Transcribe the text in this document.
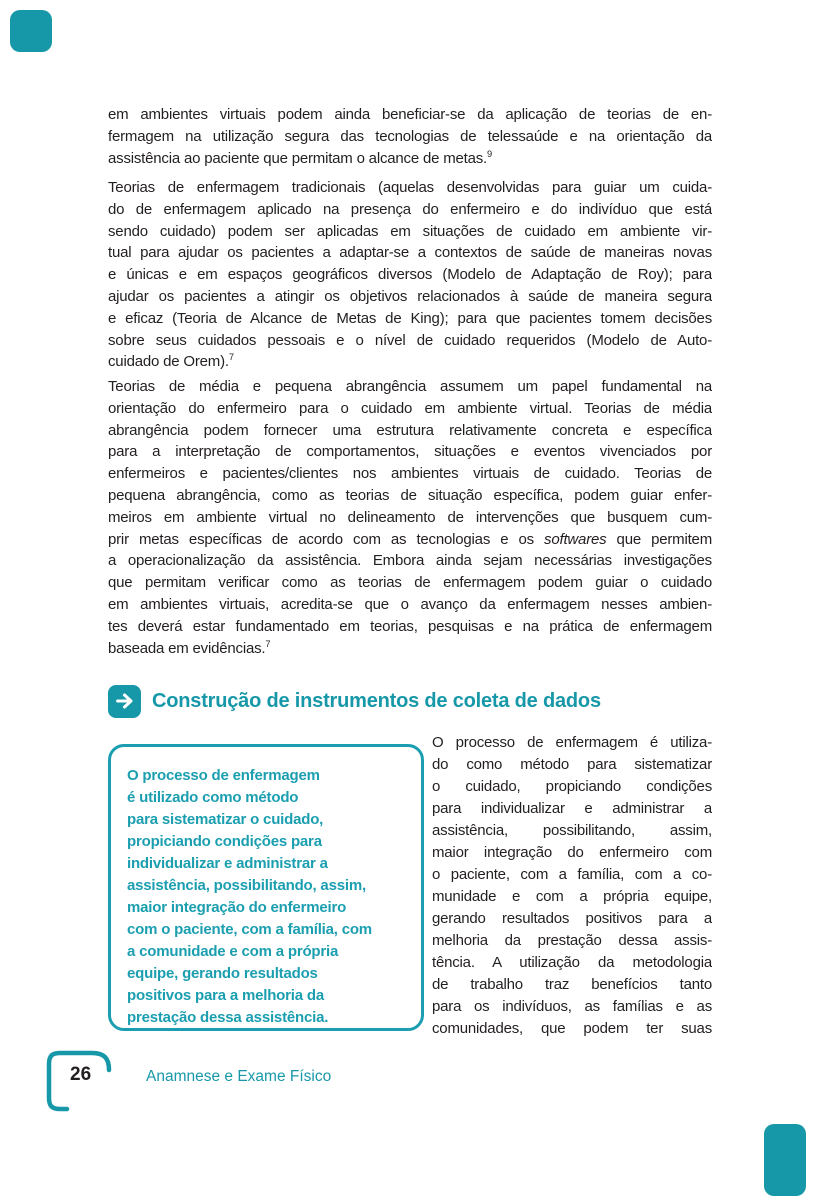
em ambientes virtuais podem ainda beneficiar-se da aplicação de teorias de en-
fermagem na utilização segura das tecnologias de telessaúde e na orientação da
assistência ao paciente que permitam o alcance de metas.$^9$
Teorias de enfermagem tradicionais (aquelas desenvolvidas para guiar um cuida-
do de enfermagem aplicado na presença do enfermeiro e do indivíduo que está
sendo cuidado) podem ser aplicadas em situações de cuidado em ambiente vir-
tual para ajudar os pacientes a adaptar-se a contextos de saúde de maneiras novas
e únicas e em espaços geográficos diversos (Modelo de Adaptação de Roy); para
ajudar os pacientes a atingir os objetivos relacionados à saúde de maneira segura
e eficaz (Teoria de Alcance de Metas de King); para que pacientes tomem decisões
sobre seus cuidados pessoais e o nível de cuidado requeridos (Modelo de Auto-
cuidado de Orem).$^7$
Teorias de média e pequena abrangência assumem um papel fundamental na
orientação do enfermeiro para o cuidado em ambiente virtual. Teorias de média
abrangência podem fornecer uma estrutura relativamente concreta e específica
para a interpretação de comportamentos, situações e eventos vivenciados por
enfermeiros e pacientes/clientes nos ambientes virtuais de cuidado. Teorias de
pequena abrangência, como as teorias de situação específica, podem guiar enfer-
meiros em ambiente virtual no delineamento de intervenções que busquem cum-
prir metas específicas de acordo com as tecnologias e os softwares que permitem
a operacionalização da assistência. Embora ainda sejam necessárias investigações
que permitam verificar como as teorias de enfermagem podem guiar o cuidado
em ambientes virtuais, acredita-se que o avanço da enfermagem nesses ambien-
tes deverá estar fundamentado em teorias, pesquisas e na prática de enfermagem
baseada em evidências.$^7$
Construção de instrumentos de coleta de dados
O processo de enfermagem
é utilizado como método
para sistematizar o cuidado,
propiciando condições para
individualizar e administrar a
assistência, possibilitando, assim,
maior integração do enfermeiro
com o paciente, com a família, com
a comunidade e com a própria
equipe, gerando resultados
positivos para a melhoria da
prestação dessa assistência.
O processo de enfermagem é utiliza-
do como método para sistematizar
o cuidado, propiciando condições
para individualizar e administrar a
assistência, possibilitando, assim,
maior integração do enfermeiro com
o paciente, com a família, com a co-
munidade e com a própria equipe,
gerando resultados positivos para a
melhoria da prestação dessa assis-
tência. A utilização da metodologia
de trabalho traz benefícios tanto
para os indivíduos, as famílias e as
comunidades, que podem ter suas
26	Anamnese e Exame Físico
